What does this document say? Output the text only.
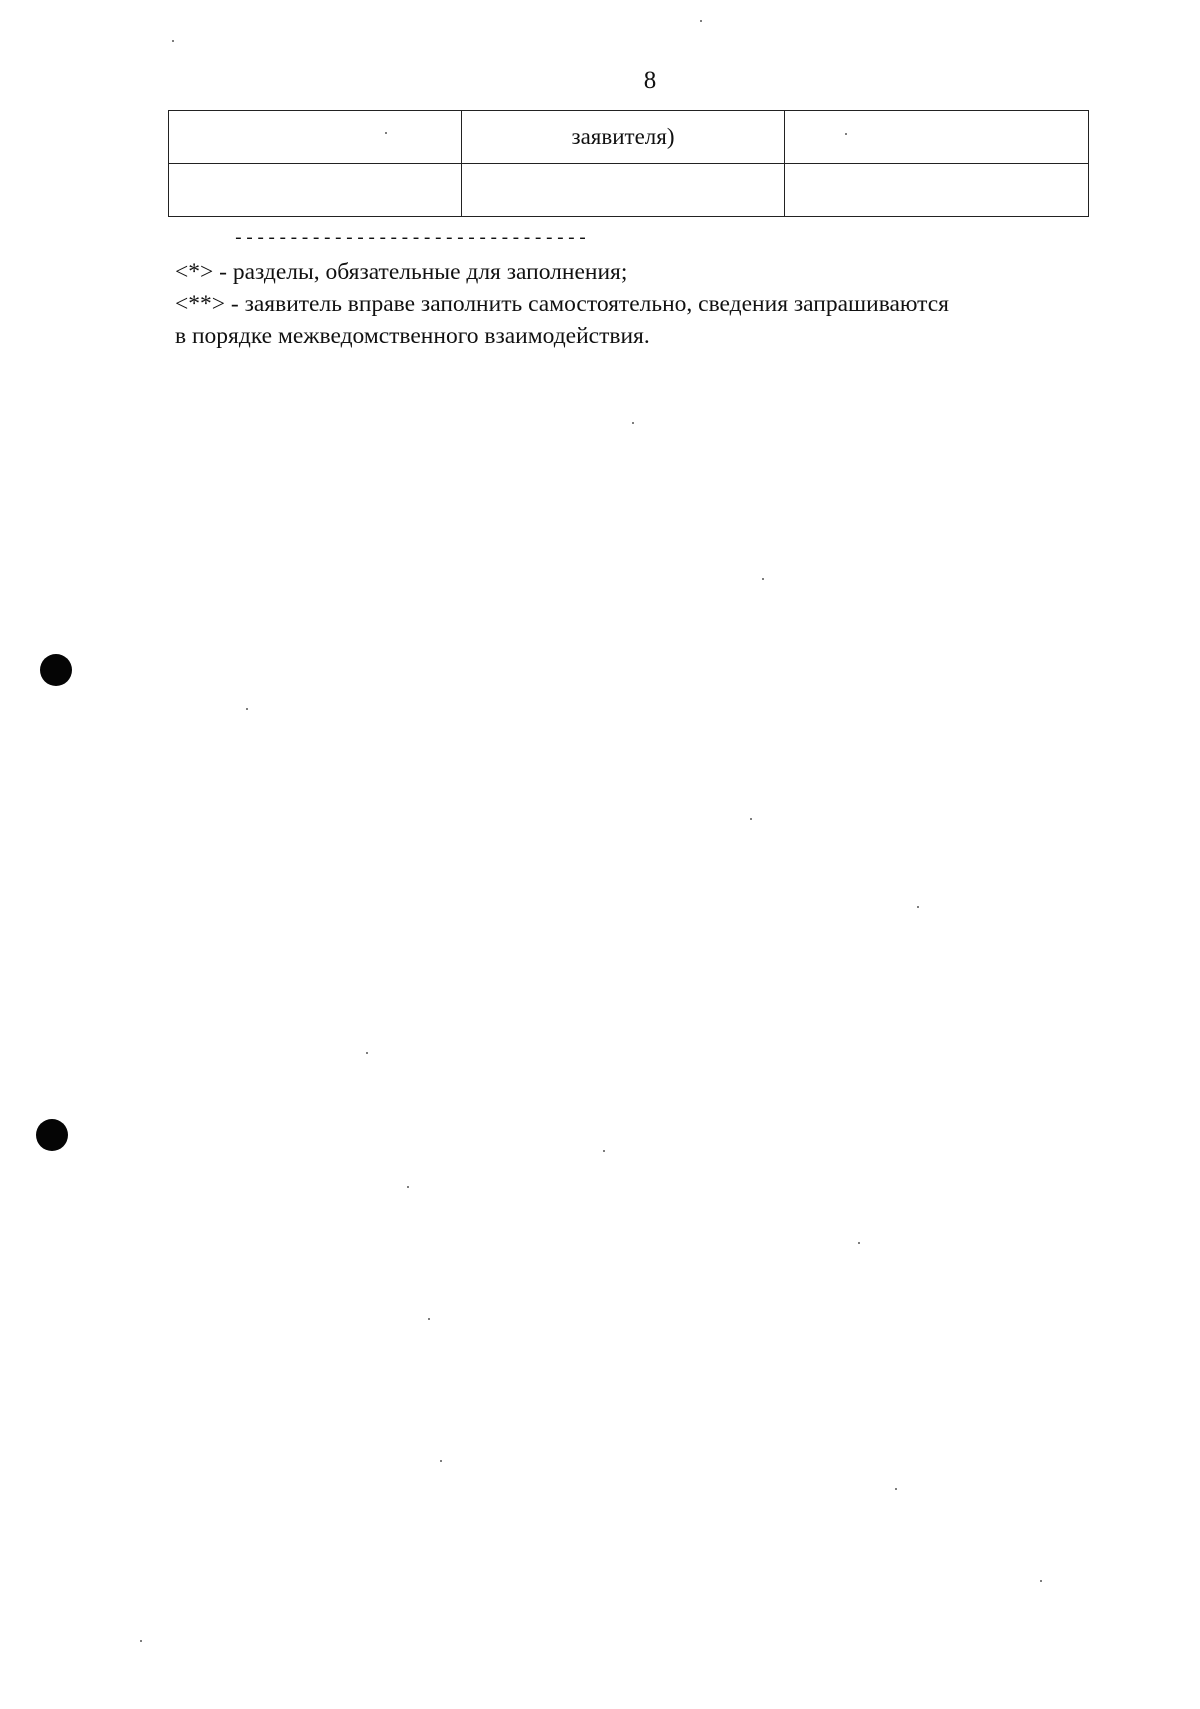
8
	заявителя)	

--------------------------------
<*> - разделы, обязательные для заполнения;
<**> - заявитель вправе заполнить самостоятельно, сведения запрашиваются
в порядке межведомственного взаимодействия.
